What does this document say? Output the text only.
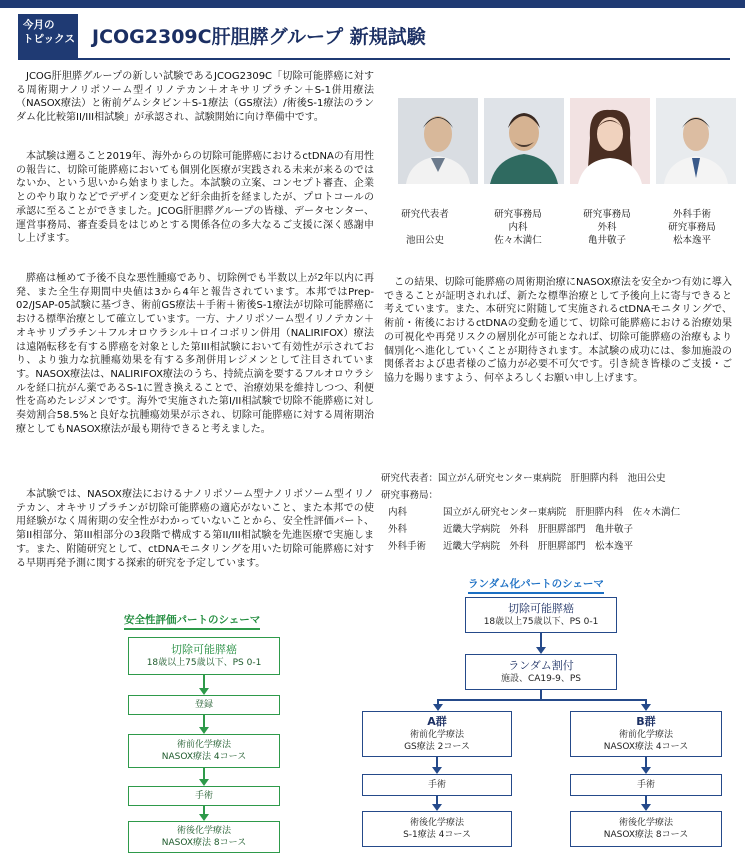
今月の
トピックス JCOG2309C肝胆膵グループ 新規試験
JCOG肝胆膵グループの新しい試験であるJCOG2309C「切除可能膵癌に対する周術期ナノリポソーム型イリノテカン＋オキサリプラチン＋S-1併用療法（NASOX療法）と術前ゲムシタビン＋S-1療法（GS療法）/術後S-1療法のランダム化比較第II/III相試験」が承認され、試験開始に向け準備中です。
本試験は遡ること2019年、海外からの切除可能膵癌におけるctDNAの有用性の報告に、切除可能膵癌においても個別化医療が実践される未来が来るのではないか、という思いから始まりました。本試験の立案、コンセプト審査、企業とのやり取りなどでデザイン変更など紆余曲折を経ましたが、プロトコールの承認に至ることができました。JCOG肝胆膵グループの皆様、データセンター、運営事務局、審査委員をはじめとする関係各位の多大なるご支援に深く感謝申し上げます。
膵癌は極めて予後不良な悪性腫瘍であり、切除例でも半数以上が2年以内に再発、また全生存期間中央値は3から4年と報告されています。本邦ではPrep-02/JSAP-05試験に基づき、術前GS療法＋手術＋術後S-1療法が切除可能膵癌における標準治療として確立しています。一方、ナノリポソーム型イリノテカン＋オキサリプラチン＋フルオロウラシル＋ロイコボリン併用（NALIRIFOX）療法は遠隔転移を有する膵癌を対象とした第III相試験において有効性が示されており、より強力な抗腫瘍効果を有する多剤併用レジメンとして注目されています。NASOX療法は、NALIRIFOX療法のうち、持続点滴を要するフルオロウラシルを経口抗がん薬であるS-1に置き換えることで、治療効果を維持しつつ、利便性を高めたレジメンです。海外で実施された第I/II相試験で切除不能膵癌に対し奏効割合58.5%と良好な抗腫瘍効果が示され、切除可能膵癌に対する周術期治療としてもNASOX療法が最も期待できると考えました。
本試験では、NASOX療法におけるナノリポソーム型ナノリポソーム型イリノテカン、オキサリプラチンが切除可能膵癌の適応がないこと、また本邦での使用経験がなく周術期の安全性がわかっていないことから、安全性評価パート、第II相部分、第III相部分の3段階で構成する第II/III相試験を先進医療で実施します。また、附随研究として、ctDNAモニタリングを用いた切除可能膵癌に対する早期再発予測に関する探索的研究を予定しています。
研究代表者
池田公史
研究事務局
内科
佐々木満仁
研究事務局
外科
亀井敬子
外科手術
研究事務局
松本逸平
この結果、切除可能膵癌の周術期治療にNASOX療法を安全かつ有効に導入できることが証明されれば、新たな標準治療として予後向上に寄与できると考えています。また、本研究に附随して実施されるctDNAモニタリングで、術前・術後におけるctDNAの変動を通じて、切除可能膵癌における治療効果の可視化や再発リスクの層別化が可能となれば、切除可能膵癌の治療もより個別化へ進化していくことが期待されます。本試験の成功には、参加施設の関係者および患者様のご協力が必要不可欠です。引き続き皆様のご支援・ご協力を賜りますよう、何卒よろしくお願い申し上げます。
研究代表者：国立がん研究センター東病院　肝胆膵内科　池田公史
研究事務局：
内科	国立がん研究センター東病院　肝胆膵内科　佐々木満仁
外科	近畿大学病院　外科　肝胆膵部門　亀井敬子
外科手術 近畿大学病院　外科　肝胆膵部門　松本逸平
安全性評価パートのシェーマ
切除可能膵癌
18歳以上75歳以下、PS 0-1
登録
術前化学療法
NASOX療法 4コース
手術
術後化学療法
NASOX療法 8コース
ランダム化パートのシェーマ
切除可能膵癌
18歳以上75歳以下、PS 0-1
ランダム割付
施設、CA19-9、PS
A群
術前化学療法
GS療法 2コース
手術
術後化学療法
S-1療法 4コース
B群
術前化学療法
NASOX療法 4コース
手術
術後化学療法
NASOX療法 8コース
